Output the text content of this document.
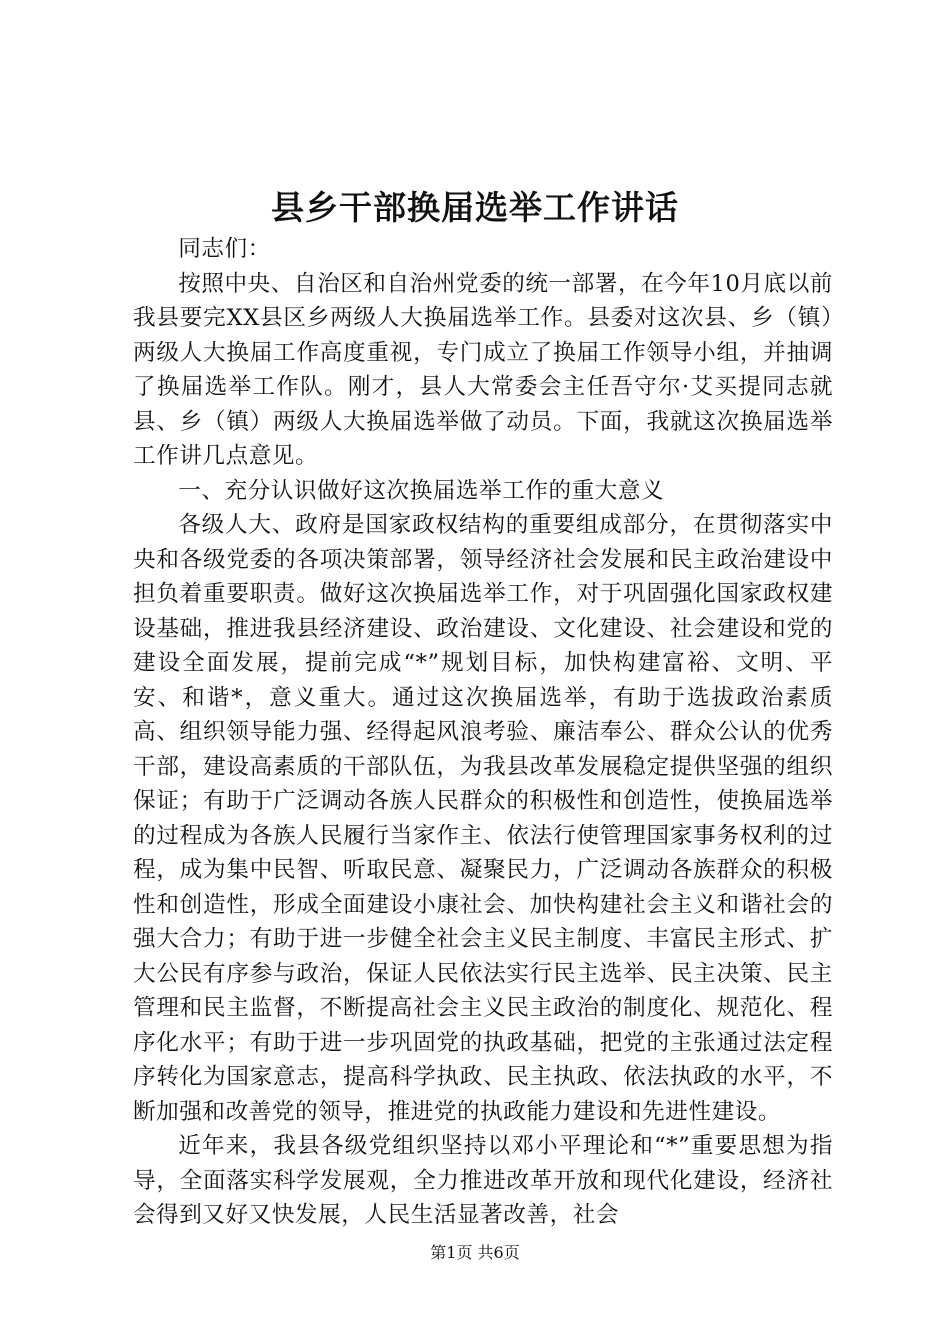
县乡干部换届选举工作讲话

同志们：

按照中央、自治区和自治州党委的统一部署，在今年10月底以前我县要完XX县区乡两级人大换届选举工作。县委对这次县、乡（镇）两级人大换届工作高度重视，专门成立了换届工作领导小组，并抽调了换届选举工作队。刚才，县人大常委会主任吾守尔·艾买提同志就县、乡（镇）两级人大换届选举做了动员。下面，我就这次换届选举工作讲几点意见。

一、充分认识做好这次换届选举工作的重大意义

各级人大、政府是国家政权结构的重要组成部分，在贯彻落实中央和各级党委的各项决策部署，领导经济社会发展和民主政治建设中担负着重要职责。做好这次换届选举工作，对于巩固强化国家政权建设基础，推进我县经济建设、政治建设、文化建设、社会建设和党的建设全面发展，提前完成“*”规划目标，加快构建富裕、文明、平安、和谐*，意义重大。通过这次换届选举，有助于选拔政治素质高、组织领导能力强、经得起风浪考验、廉洁奉公、群众公认的优秀干部，建设高素质的干部队伍，为我县改革发展稳定提供坚强的组织保证；有助于广泛调动各族人民群众的积极性和创造性，使换届选举的过程成为各族人民履行当家作主、依法行使管理国家事务权利的过程，成为集中民智、听取民意、凝聚民力，广泛调动各族群众的积极性和创造性，形成全面建设小康社会、加快构建社会主义和谐社会的强大合力；有助于进一步健全社会主义民主制度、丰富民主形式、扩大公民有序参与政治，保证人民依法实行民主选举、民主决策、民主管理和民主监督，不断提高社会主义民主政治的制度化、规范化、程序化水平；有助于进一步巩固党的执政基础，把党的主张通过法定程序转化为国家意志，提高科学执政、民主执政、依法执政的水平，不断加强和改善党的领导，推进党的执政能力建设和先进性建设。

近年来，我县各级党组织坚持以邓小平理论和“*”重要思想为指导，全面落实科学发展观，全力推进改革开放和现代化建设，经济社会得到又好又快发展，人民生活显著改善，社会

第1页 共6页
